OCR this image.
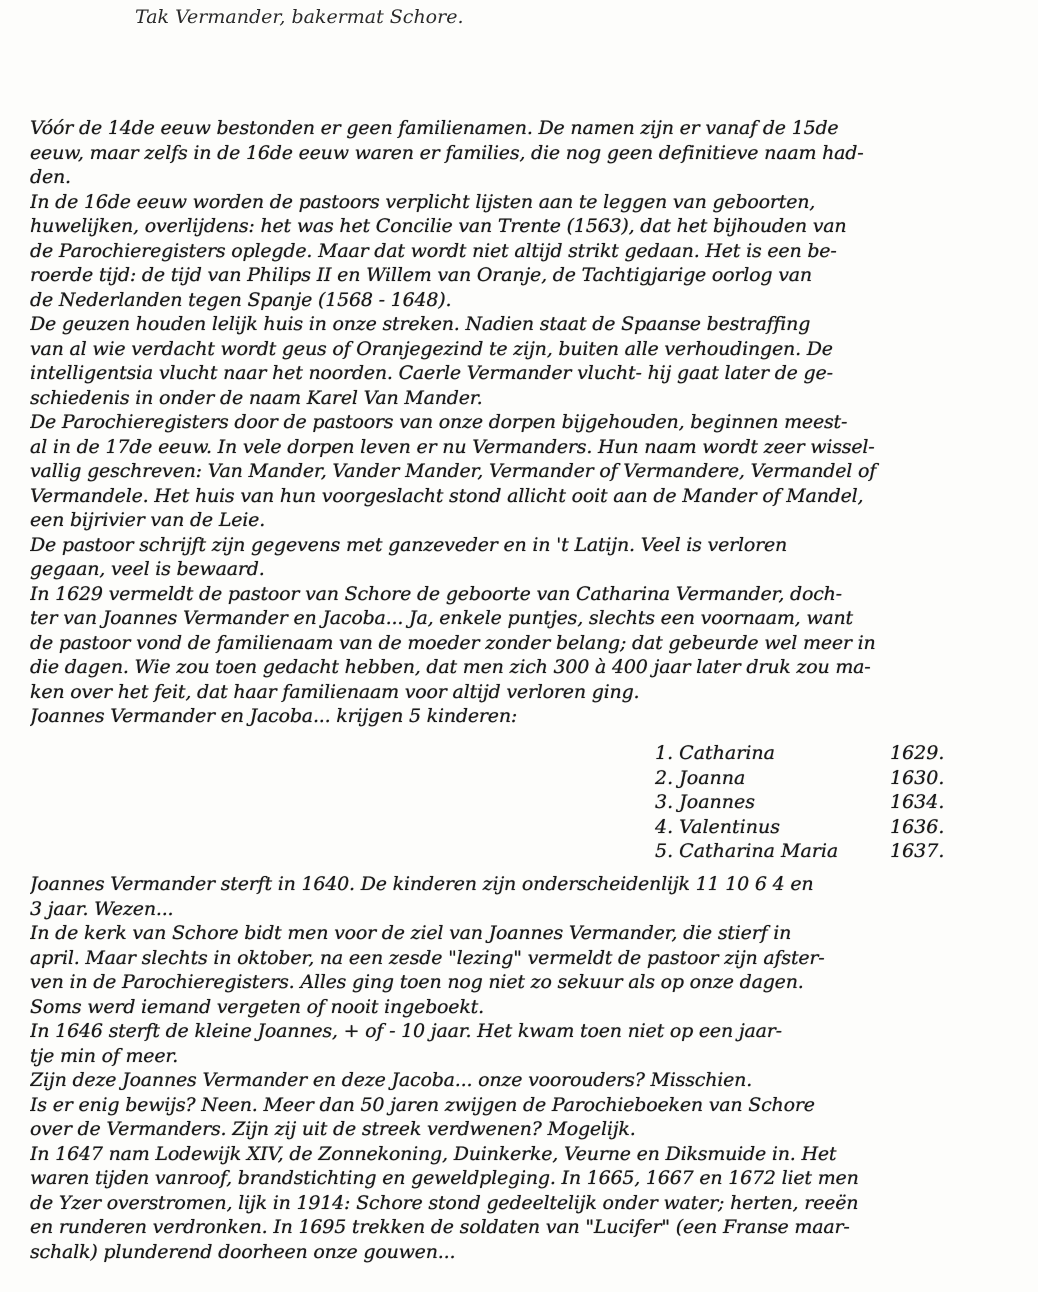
Tak Vermander, bakermat Schore.
Vóór de 14de eeuw bestonden er geen familienamen. De namen zijn er vanaf de 15de
eeuw, maar zelfs in de 16de eeuw waren er families, die nog geen definitieve naam had-
den.
In de 16de eeuw worden de pastoors verplicht lijsten aan te leggen van geboorten,
huwelijken, overlijdens: het was het Concilie van Trente (1563), dat het bijhouden van
de Parochieregisters oplegde. Maar dat wordt niet altijd strikt gedaan. Het is een be-
roerde tijd: de tijd van Philips II en Willem van Oranje, de Tachtigjarige oorlog van
de Nederlanden tegen Spanje (1568 - 1648).
De geuzen houden lelijk huis in onze streken. Nadien staat de Spaanse bestraffing
van al wie verdacht wordt geus of Oranjegezind te zijn, buiten alle verhoudingen. De
intelligentsia vlucht naar het noorden. Caerle Vermander vlucht- hij gaat later de ge-
schiedenis in onder de naam Karel Van Mander.
De Parochieregisters door de pastoors van onze dorpen bijgehouden, beginnen meest-
al in de 17de eeuw. In vele dorpen leven er nu Vermanders. Hun naam wordt zeer wissel-
vallig geschreven: Van Mander, Vander Mander, Vermander of Vermandere, Vermandel of
Vermandele. Het huis van hun voorgeslacht stond allicht ooit aan de Mander of Mandel,
een bijrivier van de Leie.
De pastoor schrijft zijn gegevens met ganzeveder en in 't Latijn. Veel is verloren
gegaan, veel is bewaard.
In 1629 vermeldt de pastoor van Schore de geboorte van Catharina Vermander, doch-
ter van Joannes Vermander en Jacoba... Ja, enkele puntjes, slechts een voornaam, want
de pastoor vond de familienaam van de moeder zonder belang; dat gebeurde wel meer in
die dagen. Wie zou toen gedacht hebben, dat men zich 300 à 400 jaar later druk zou ma-
ken over het feit, dat haar familienaam voor altijd verloren ging.
Joannes Vermander en Jacoba... krijgen 5 kinderen:
1. Catharina	1629.
2. Joanna	1630.
3. Joannes	1634.
4. Valentinus	1636.
5. Catharina Maria	1637.
Joannes Vermander sterft in 1640. De kinderen zijn onderscheidenlijk 11 10 6 4 en
3 jaar. Wezen...
In de kerk van Schore bidt men voor de ziel van Joannes Vermander, die stierf in
april. Maar slechts in oktober, na een zesde "lezing" vermeldt de pastoor zijn afster-
ven in de Parochieregisters. Alles ging toen nog niet zo sekuur als op onze dagen.
Soms werd iemand vergeten of nooit ingeboekt.
In 1646 sterft de kleine Joannes, + of - 10 jaar. Het kwam toen niet op een jaar-
tje min of meer.
Zijn deze Joannes Vermander en deze Jacoba... onze voorouders? Misschien.
Is er enig bewijs? Neen. Meer dan 50 jaren zwijgen de Parochieboeken van Schore
over de Vermanders. Zijn zij uit de streek verdwenen? Mogelijk.
In 1647 nam Lodewijk XIV, de Zonnekoning, Duinkerke, Veurne en Diksmuide in. Het
waren tijden vanroof, brandstichting en geweldpleging. In 1665, 1667 en 1672 liet men
de Yzer overstromen, lijk in 1914: Schore stond gedeeltelijk onder water; herten, reeën
en runderen verdronken. In 1695 trekken de soldaten van "Lucifer" (een Franse maar-
schalk) plunderend doorheen onze gouwen...
